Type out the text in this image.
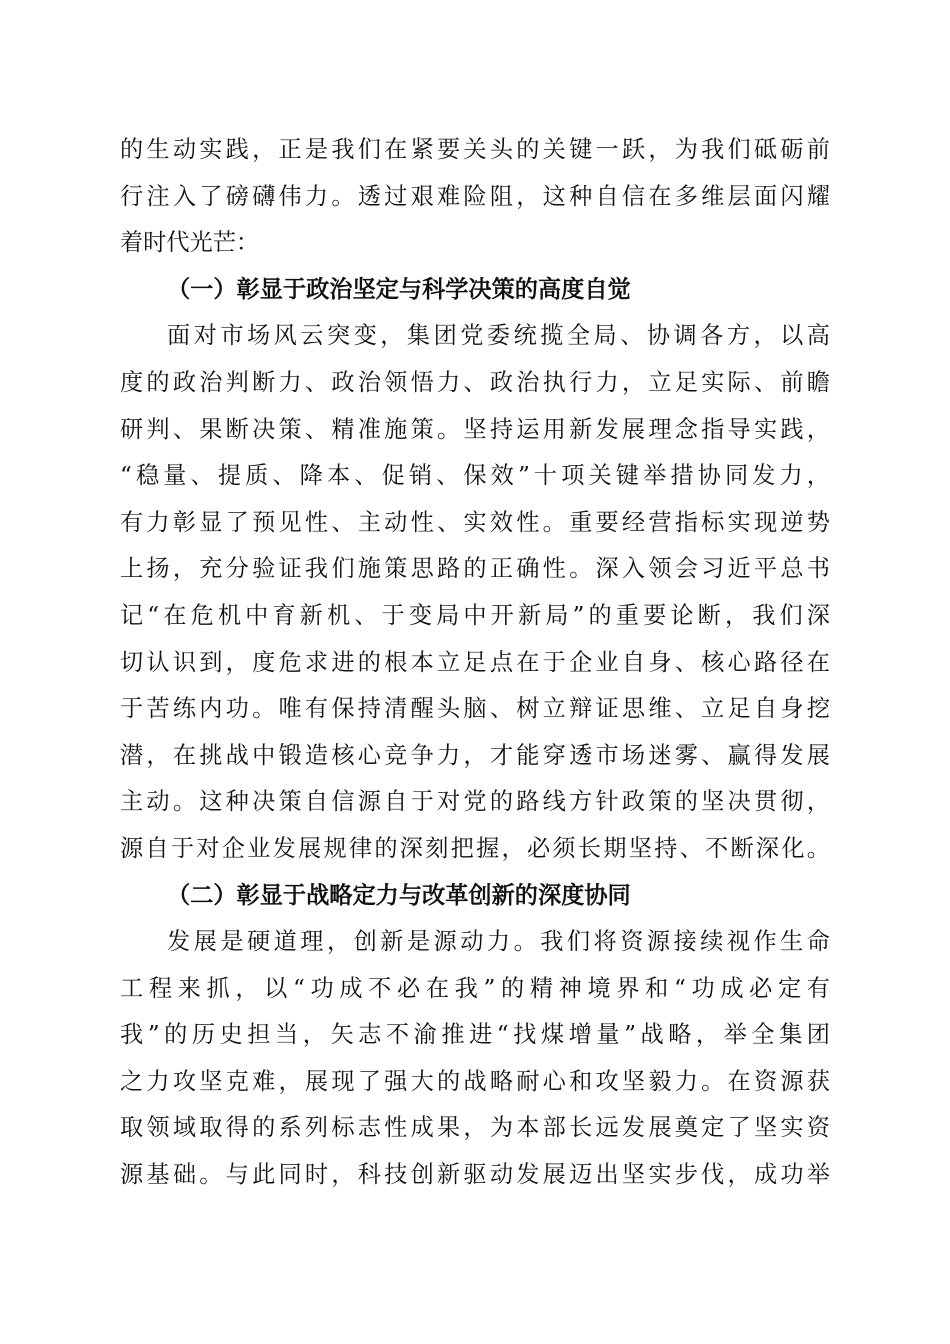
的生动实践，正是我们在紧要关头的关键一跃，为我们砥砺前
行注入了磅礴伟力。透过艰难险阻，这种自信在多维层面闪耀
着时代光芒：
（一）彰显于政治坚定与科学决策的高度自觉
面对市场风云突变，集团党委统揽全局、协调各方，以高
度的政治判断力、政治领悟力、政治执行力，立足实际、前瞻
研判、果断决策、精准施策。坚持运用新发展理念指导实践，
“稳量、提质、降本、促销、保效”十项关键举措协同发力，
有力彰显了预见性、主动性、实效性。重要经营指标实现逆势
上扬，充分验证我们施策思路的正确性。深入领会习近平总书
记“在危机中育新机、于变局中开新局”的重要论断，我们深
切认识到，度危求进的根本立足点在于企业自身、核心路径在
于苦练内功。唯有保持清醒头脑、树立辩证思维、立足自身挖
潜，在挑战中锻造核心竞争力，才能穿透市场迷雾、赢得发展
主动。这种决策自信源自于对党的路线方针政策的坚决贯彻，
源自于对企业发展规律的深刻把握，必须长期坚持、不断深化。
（二）彰显于战略定力与改革创新的深度协同
发展是硬道理，创新是源动力。我们将资源接续视作生命
工程来抓，以“功成不必在我”的精神境界和“功成必定有
我”的历史担当，矢志不渝推进“找煤增量”战略，举全集团
之力攻坚克难，展现了强大的战略耐心和攻坚毅力。在资源获
取领域取得的系列标志性成果，为本部长远发展奠定了坚实资
源基础。与此同时，科技创新驱动发展迈出坚实步伐，成功举
